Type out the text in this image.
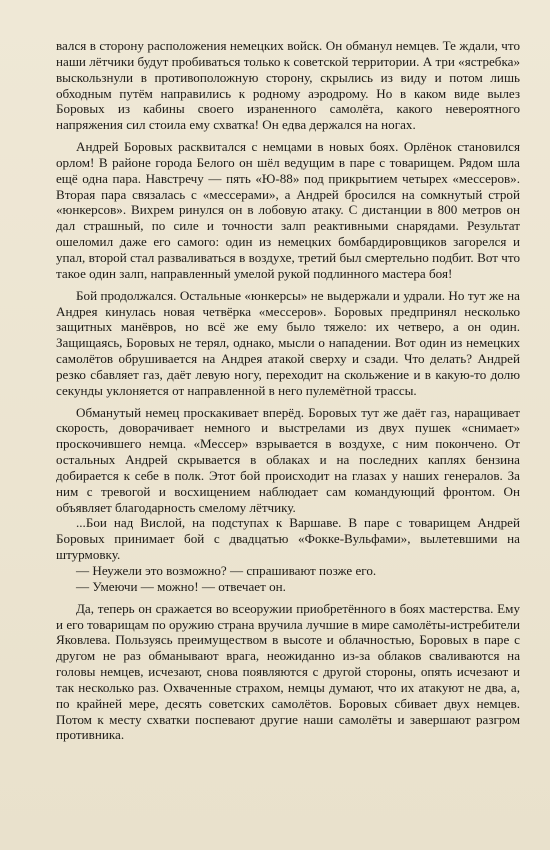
вался в сторону расположения немецких войск. Он обманул немцев. Те ждали, что наши лётчики будут пробиваться только к советской территории. А три «ястребка» выскользнули в противоположную сторону, скрылись из виду и потом лишь обходным путём направились к родному аэродрому. Но в каком виде вылез Боровых из кабины своего израненного самолёта, какого невероятного напряжения сил стоила ему схватка! Он едва держался на ногах.

Андрей Боровых расквитался с немцами в новых боях. Орлёнок становился орлом! В районе города Белого он шёл ведущим в паре с товарищем. Рядом шла ещё одна пара. Навстречу — пять «Ю-88» под прикрытием четырех «мессеров». Вторая пара связалась с «мессерами», а Андрей бросился на сомкнутый строй «юнкерсов». Вихрем ринулся он в лобовую атаку. С дистанции в 800 метров он дал страшный, по силе и точности залп реактивными снарядами. Результат ошеломил даже его самого: один из немецких бомбардировщиков загорелся и упал, второй стал разваливаться в воздухе, третий был смертельно подбит. Вот что такое один залп, направленный умелой рукой подлинного мастера боя!

Бой продолжался. Остальные «юнкерсы» не выдержали и удрали. Но тут же на Андрея кинулась новая четвёрка «мессеров». Боровых предпринял несколько защитных манёвров, но всё же ему было тяжело: их четверо, а он один. Защищаясь, Боровых не терял, однако, мысли о нападении. Вот один из немецких самолётов обрушивается на Андрея атакой сверху и сзади. Что делать? Андрей резко сбавляет газ, даёт левую ногу, переходит на скольжение и в какую-то долю секунды уклоняется от направленной в него пулемётной трассы.

Обманутый немец проскакивает вперёд. Боровых тут же даёт газ, наращивает скорость, доворачивает немного и выстрелами из двух пушек «снимает» проскочившего немца. «Мессер» взрывается в воздухе, с ним покончено. От остальных Андрей скрывается в облаках и на последних каплях бензина добирается к себе в полк. Этот бой происходит на глазах у наших генералов. За ним с тревогой и восхищением наблюдает сам командующий фронтом. Он объявляет благодарность смелому лётчику.

...Бои над Вислой, на подступах к Варшаве. В паре с товарищем Андрей Боровых принимает бой с двадцатью «Фокке-Вульфами», вылетевшими на штурмовку.

— Неужели это возможно? — спрашивают позже его.

— Умеючи — можно! — отвечает он.

Да, теперь он сражается во всеоружии приобретённого в боях мастерства. Ему и его товарищам по оружию страна вручила лучшие в мире самолёты-истребители Яковлева. Пользуясь преимуществом в высоте и облачностью, Боровых в паре с другом не раз обманывают врага, неожиданно из-за облаков сваливаются на головы немцев, исчезают, снова появляются с другой стороны, опять исчезают и так несколько раз. Охваченные страхом, немцы думают, что их атакуют не два, а, по крайней мере, десять советских самолётов. Боровых сбивает двух немцев. Потом к месту схватки поспевают другие наши самолёты и завершают разгром противника.
